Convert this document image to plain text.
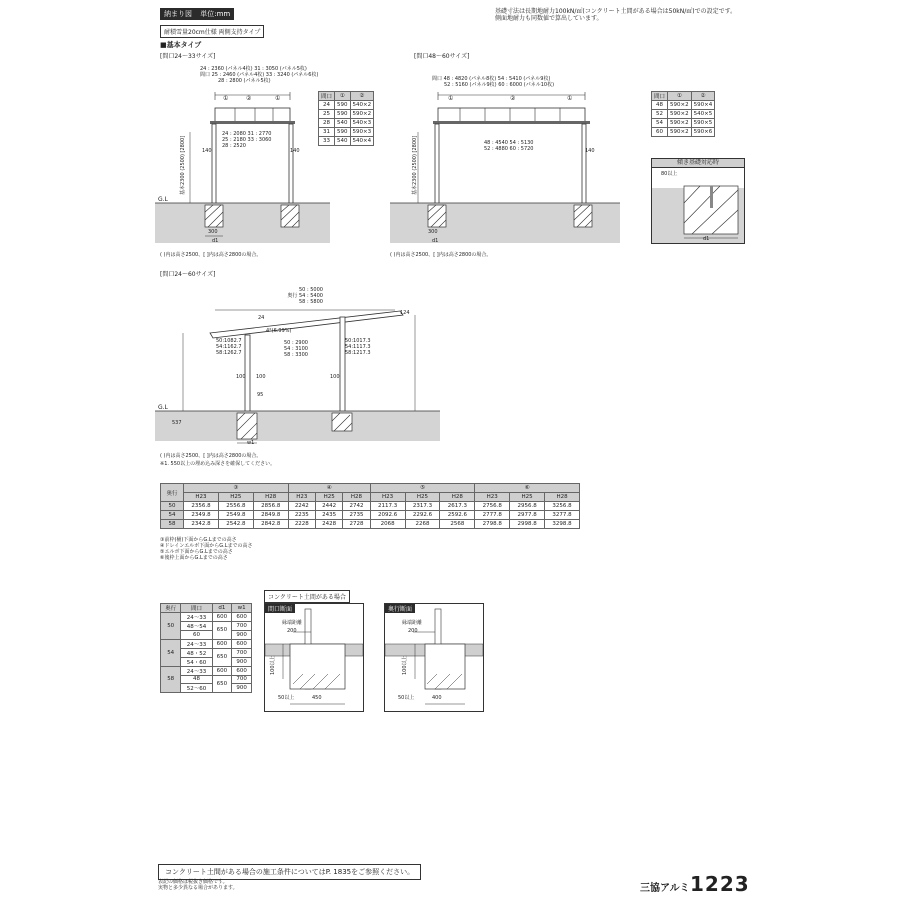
納まり図 単位:mm	基礎寸法は長期地耐力100kN/㎡(コンクリート土間がある場合は50kN/㎡)での設定です。
側面地耐力も同数値で算出しています。
耐積雪量20cm仕様 両側支持タイプ
■基本タイプ
[間口24〜33サイズ]
24 : 2360 (パネル4枚) 31 : 3050 (パネル5枚)
間口 25 : 2460 (パネル4枚) 33 : 3240 (パネル6枚)
28 : 2800 (パネル5枚)
①	②	①
24 : 2080 31 : 2770
25 : 2180 33 : 3060
28 : 2520
140	140
基本2300 (2500) [2800]
G.L
300
d1
( )内は高さ2500、[ ]内は高さ2800の場合。
間口	①	②
24	590	540×2
25	590	590×2
28	540	540×3
31	590	590×3
33	540	540×4
[間口48〜60サイズ]
間口 48 : 4820 (パネル8枚) 54 : 5410 (パネル9枚)
52 : 5160 (パネル9枚) 60 : 6000 (パネル10枚)
①	②	①
48 : 4540 54 : 5130
52 : 4880 60 : 5720	140
基本2300 (2500) [2800]
300
d1
( )内は高さ2500、[ ]内は高さ2800の場合。
間口	①	②
48	590×2	590×4
52	590×2	540×5
54	590×2	590×5
60	590×2	590×6
傾き基礎対応時
80以上
d1
[間口24〜60サイズ]
50 : 5000
奥行 54 : 5400
58 : 5800
24
124
4°(6.99%)
50:1082.7
54:1162.7
58:1262.7
50 : 2900
54 : 3100
58 : 3300
50:1017.3
54:1117.3
58:1217.3
100 100	100
95
G.L
537
w1
( )内は高さ2500、[ ]内は高さ2800の場合。
※1. 550以上の埋め込み深さを確保してください。
奥行	③			④			⑤			⑥		
	H23	H25	H28	H23	H25	H28	H23	H25	H28	H23	H25	H28
50	2356.8	2556.8	2856.8	2242	2442	2742	2117.3	2317.3	2617.3	2756.8	2956.8	3256.8
54	2349.8	2549.8	2849.8	2235	2435	2735	2092.6	2292.6	2592.6	2777.8	2977.8	3277.8
58	2342.8	2542.8	2842.8	2228	2428	2728	2068	2268	2568	2798.8	2998.8	3298.8
③前枠(桶)下面からG.Lまでの高さ
④ドレインエルボ下面からG.Lまでの高さ
⑤エルボ下面からG.Lまでの高さ
⑥後枠上面からG.Lまでの高さ
奥行	間口	d1	w1
50	24〜33	600	600
	48〜54	650	700
	60		900
54	24〜33	600	600
	48・52	650	700
	54・60		900
58	24〜33	600	600
	48	650	700
	52〜60		900
コンクリート土間がある場合
間口断面
縁端距離
200
100以上
50以上	450
奥行断面
縁端距離
200
100以上
50以上	400
コンクリート土間がある場合の施工条件についてはP. 1835をご参照ください。
表記の価格は税抜き価格です。
実物と多少異なる場合があります。	三協アルミ 1223
